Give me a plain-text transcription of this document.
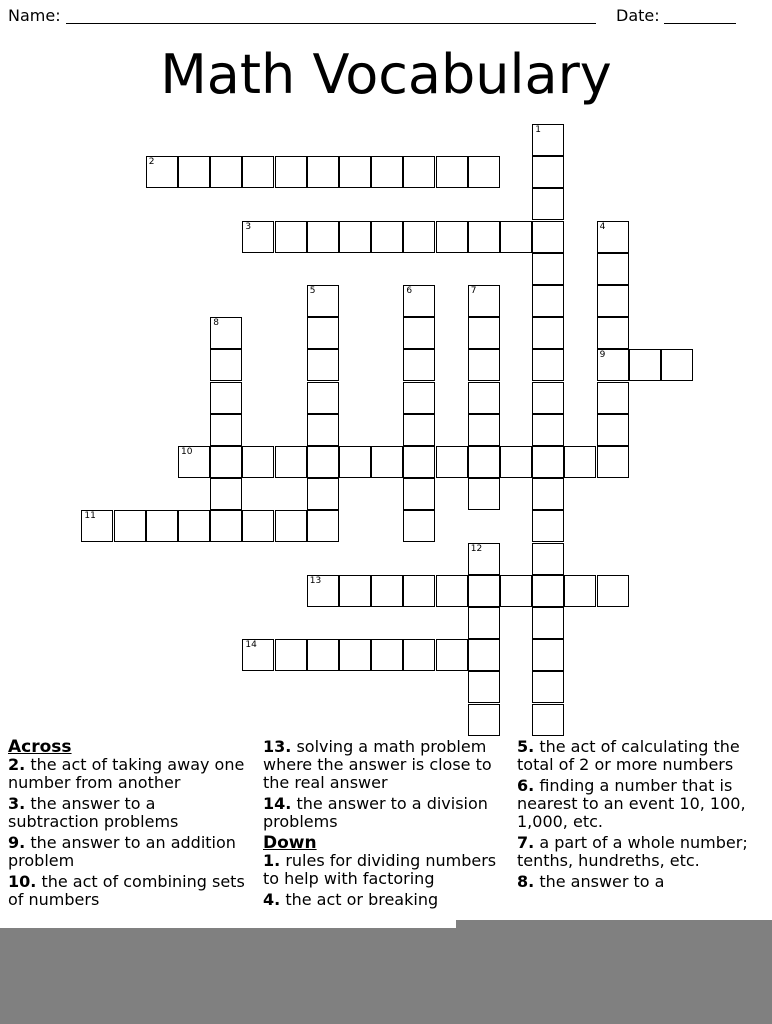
Name:	Date:
Math Vocabulary
2
3
9
10
11
13
14
1
4
5	6	7
8
12
Across
2. the act of taking away one number from another
3. the answer to a subtraction problems
9. the answer to an addition problem
10. the act of combining sets of numbers
13. solving a math problem where the answer is close to the real answer
14. the answer to a division problems
Down
1. rules for dividing numbers to help with factoring
4. the act or breaking
5. the act of calculating the total of 2 or more numbers
6. finding a number that is nearest to an event 10, 100, 1,000, etc.
7. a part of a whole number; tenths, hundreths, etc.
8. the answer to a
